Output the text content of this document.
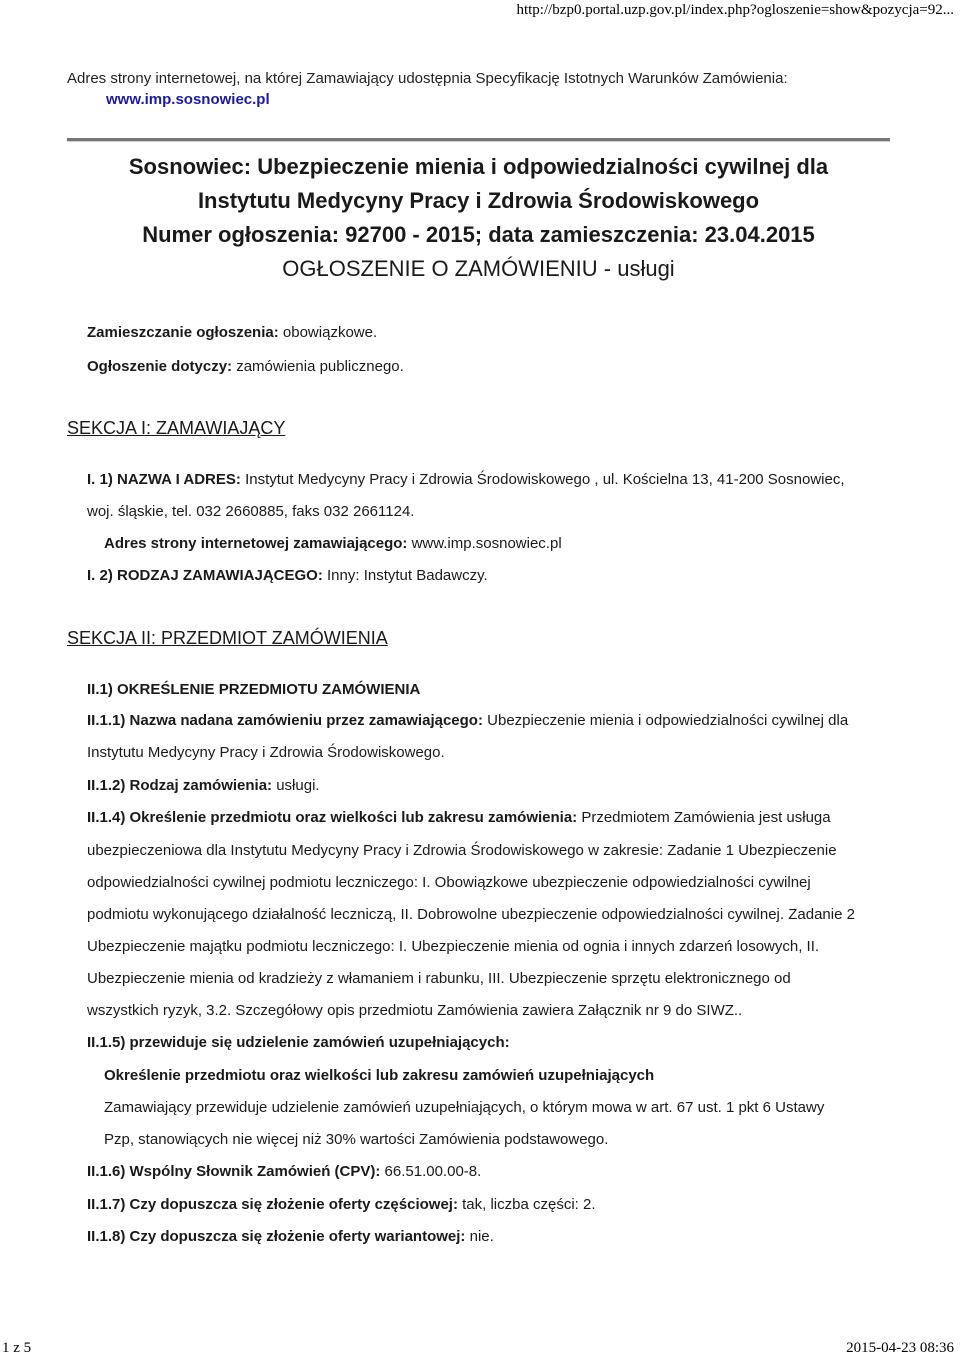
http://bzp0.portal.uzp.gov.pl/index.php?ogloszenie=show&pozycja=92...
Adres strony internetowej, na której Zamawiający udostępnia Specyfikację Istotnych Warunków Zamówienia:
www.imp.sosnowiec.pl
Sosnowiec: Ubezpieczenie mienia i odpowiedzialności cywilnej dla
Instytutu Medycyny Pracy i Zdrowia Środowiskowego
Numer ogłoszenia: 92700 - 2015; data zamieszczenia: 23.04.2015
OGŁOSZENIE O ZAMÓWIENIU - usługi
Zamieszczanie ogłoszenia: obowiązkowe.
Ogłoszenie dotyczy: zamówienia publicznego.
SEKCJA I: ZAMAWIAJĄCY
I. 1) NAZWA I ADRES: Instytut Medycyny Pracy i Zdrowia Środowiskowego , ul. Kościelna 13, 41-200 Sosnowiec,
woj. śląskie, tel. 032 2660885, faks 032 2661124.
Adres strony internetowej zamawiającego: www.imp.sosnowiec.pl
I. 2) RODZAJ ZAMAWIAJĄCEGO: Inny: Instytut Badawczy.
SEKCJA II: PRZEDMIOT ZAMÓWIENIA
II.1) OKREŚLENIE PRZEDMIOTU ZAMÓWIENIA
II.1.1) Nazwa nadana zamówieniu przez zamawiającego: Ubezpieczenie mienia i odpowiedzialności cywilnej dla
Instytutu Medycyny Pracy i Zdrowia Środowiskowego.
II.1.2) Rodzaj zamówienia: usługi.
II.1.4) Określenie przedmiotu oraz wielkości lub zakresu zamówienia: Przedmiotem Zamówienia jest usługa
ubezpieczeniowa dla Instytutu Medycyny Pracy i Zdrowia Środowiskowego w zakresie: Zadanie 1 Ubezpieczenie
odpowiedzialności cywilnej podmiotu leczniczego: I. Obowiązkowe ubezpieczenie odpowiedzialności cywilnej
podmiotu wykonującego działalność leczniczą, II. Dobrowolne ubezpieczenie odpowiedzialności cywilnej. Zadanie 2
Ubezpieczenie majątku podmiotu leczniczego: I. Ubezpieczenie mienia od ognia i innych zdarzeń losowych, II.
Ubezpieczenie mienia od kradzieży z włamaniem i rabunku, III. Ubezpieczenie sprzętu elektronicznego od
wszystkich ryzyk, 3.2. Szczegółowy opis przedmiotu Zamówienia zawiera Załącznik nr 9 do SIWZ..
II.1.5) przewiduje się udzielenie zamówień uzupełniających:
Określenie przedmiotu oraz wielkości lub zakresu zamówień uzupełniających
Zamawiający przewiduje udzielenie zamówień uzupełniających, o którym mowa w art. 67 ust. 1 pkt 6 Ustawy
Pzp, stanowiących nie więcej niż 30% wartości Zamówienia podstawowego.
II.1.6) Wspólny Słownik Zamówień (CPV): 66.51.00.00-8.
II.1.7) Czy dopuszcza się złożenie oferty częściowej: tak, liczba części: 2.
II.1.8) Czy dopuszcza się złożenie oferty wariantowej: nie.
1 z 5	2015-04-23 08:36
